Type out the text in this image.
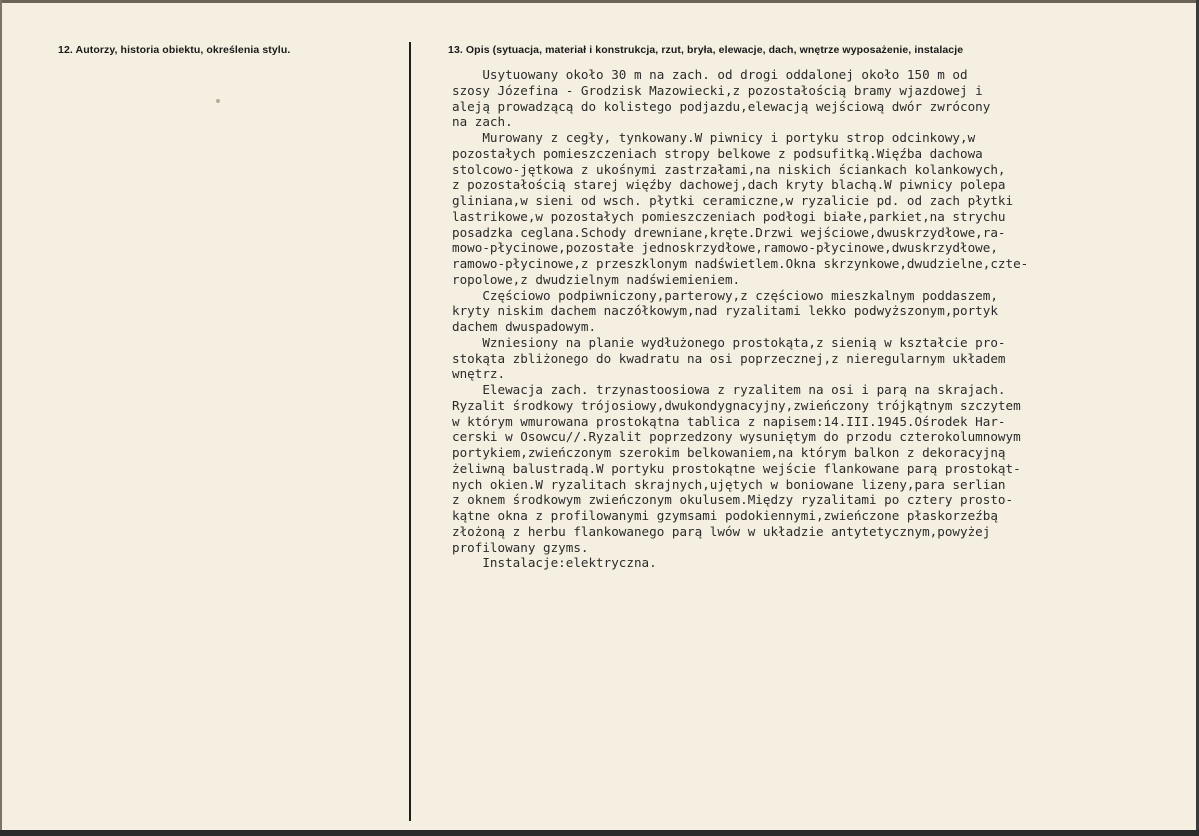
12. Autorzy, historia obiektu, określenia stylu.	13. Opis (sytuacja, materiał i konstrukcja, rzut, bryła, elewacje, dach, wnętrze wyposażenie, instalacje
Usytuowany około 30 m na zach. od drogi oddalonej około 150 m od
szosy Józefina - Grodzisk Mazowiecki,z pozostałością bramy wjazdowej i
aleją prowadzącą do kolistego podjazdu,elewacją wejściową dwór zwrócony
na zach.
Murowany z cegły, tynkowany.W piwnicy i portyku strop odcinkowy,w
pozostałych pomieszczeniach stropy belkowe z podsufitką.Więźba dachowa
stolcowo-jętkowa z ukośnymi zastrzałami,na niskich ściankach kolankowych,
z pozostałością starej więźby dachowej,dach kryty blachą.W piwnicy polepa
gliniana,w sieni od wsch. płytki ceramiczne,w ryzalicie pd. od zach płytki
lastrikowe,w pozostałych pomieszczeniach podłogi białe,parkiet,na strychu
posadzka ceglana.Schody drewniane,kręte.Drzwi wejściowe,dwuskrzydłowe,ra-
mowo-płycinowe,pozostałe jednoskrzydłowe,ramowo-płycinowe,dwuskrzydłowe,
ramowo-płycinowe,z przeszklonym nadświetlem.Okna skrzynkowe,dwudzielne,czte-
ropolowe,z dwudzielnym nadświemieniem.
Częściowo podpiwniczony,parterowy,z częściowo mieszkalnym poddaszem,
kryty niskim dachem naczółkowym,nad ryzalitami lekko podwyższonym,portyk
dachem dwuspadowym.
Wzniesiony na planie wydłużonego prostokąta,z sienią w kształcie pro-
stokąta zbliżonego do kwadratu na osi poprzecznej,z nieregularnym układem
wnętrz.
Elewacja zach. trzynastoosiowa z ryzalitem na osi i parą na skrajach.
Ryzalit środkowy trójosiowy,dwukondygnacyjny,zwieńczony trójkątnym szczytem
w którym wmurowana prostokątna tablica z napisem:14.III.1945.Ośrodek Har-
cerski w Osowcu//.Ryzalit poprzedzony wysuniętym do przodu czterokolumnowym
portykiem,zwieńczonym szerokim belkowaniem,na którym balkon z dekoracyjną
żeliwną balustradą.W portyku prostokątne wejście flankowane parą prostokąt-
nych okien.W ryzalitach skrajnych,ujętych w boniowane lizeny,para serlian
z oknem środkowym zwieńczonym okulusem.Między ryzalitami po cztery prosto-
kątne okna z profilowanymi gzymsami podokiennymi,zwieńczone płaskorzeźbą
złożoną z herbu flankowanego parą lwów w układzie antytetycznym,powyżej
profilowany gzyms.
Instalacje:elektryczna.
